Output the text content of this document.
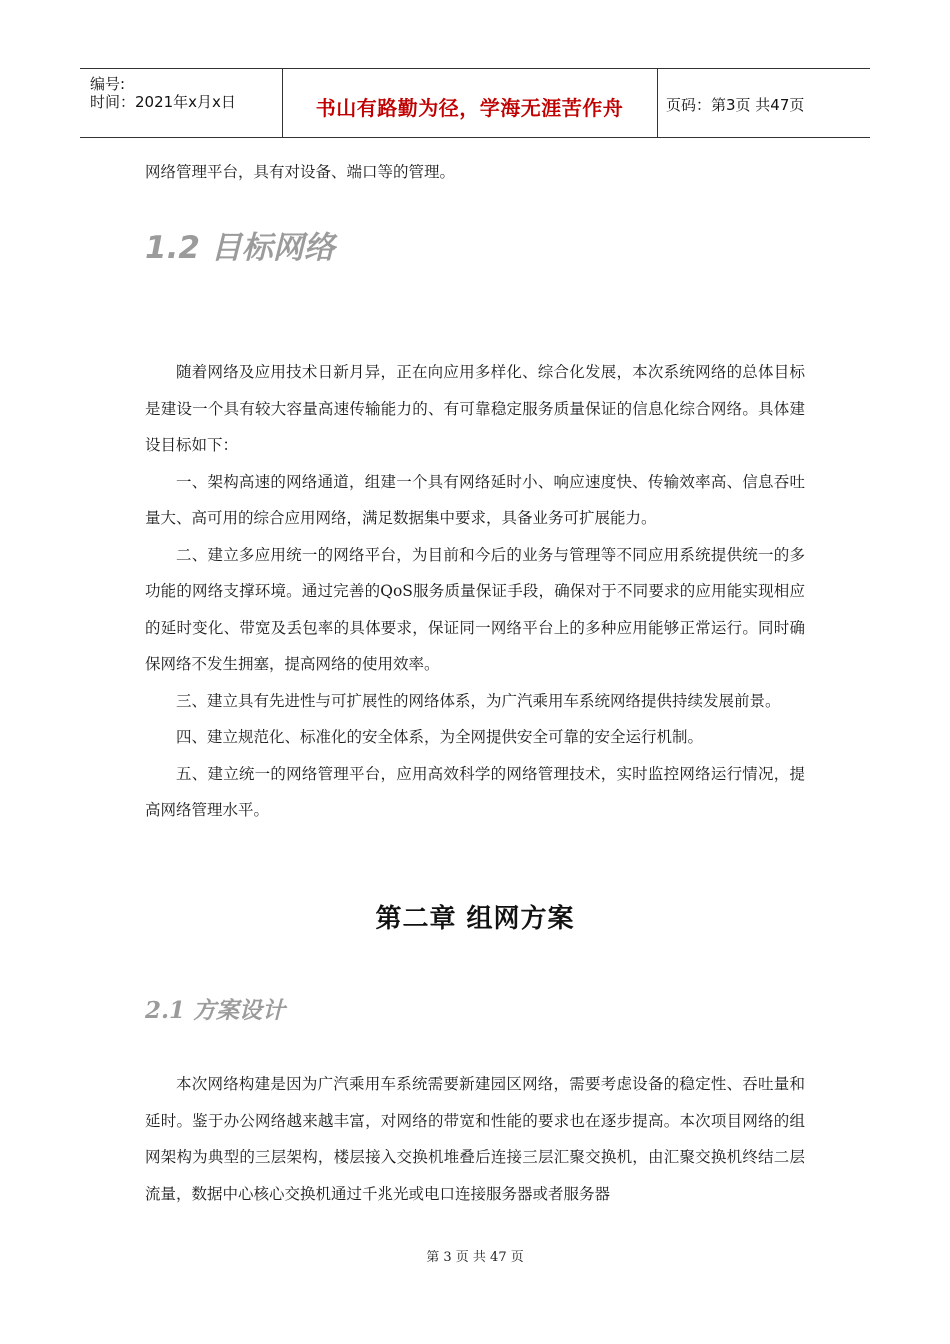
编号:
时间：2021年x月x日	书山有路勤为径，学海无涯苦作舟	页码：第3页 共47页

网络管理平台，具有对设备、端口等的管理。

1.2 目标网络

随着网络及应用技术日新月异，正在向应用多样化、综合化发展，本次系统网络的总体目标是建设一个具有较大容量高速传输能力的、有可靠稳定服务质量保证的信息化综合网络。具体建设目标如下：

一、架构高速的网络通道，组建一个具有网络延时小、响应速度快、传输效率高、信息吞吐量大、高可用的综合应用网络，满足数据集中要求，具备业务可扩展能力。

二、建立多应用统一的网络平台，为目前和今后的业务与管理等不同应用系统提供统一的多功能的网络支撑环境。通过完善的QoS服务质量保证手段，确保对于不同要求的应用能实现相应的延时变化、带宽及丢包率的具体要求，保证同一网络平台上的多种应用能够正常运行。同时确保网络不发生拥塞，提高网络的使用效率。

三、建立具有先进性与可扩展性的网络体系，为广汽乘用车系统网络提供持续发展前景。

四、建立规范化、标准化的安全体系，为全网提供安全可靠的安全运行机制。

五、建立统一的网络管理平台，应用高效科学的网络管理技术，实时监控网络运行情况，提高网络管理水平。

第二章 组网方案
2.1 方案设计

本次网络构建是因为广汽乘用车系统需要新建园区网络，需要考虑设备的稳定性、吞吐量和延时。鉴于办公网络越来越丰富，对网络的带宽和性能的要求也在逐步提高。本次项目网络的组网架构为典型的三层架构，楼层接入交换机堆叠后连接三层汇聚交换机，由汇聚交换机终结二层流量，数据中心核心交换机通过千兆光或电口连接服务器或者服务器

第 3 页 共 47 页
